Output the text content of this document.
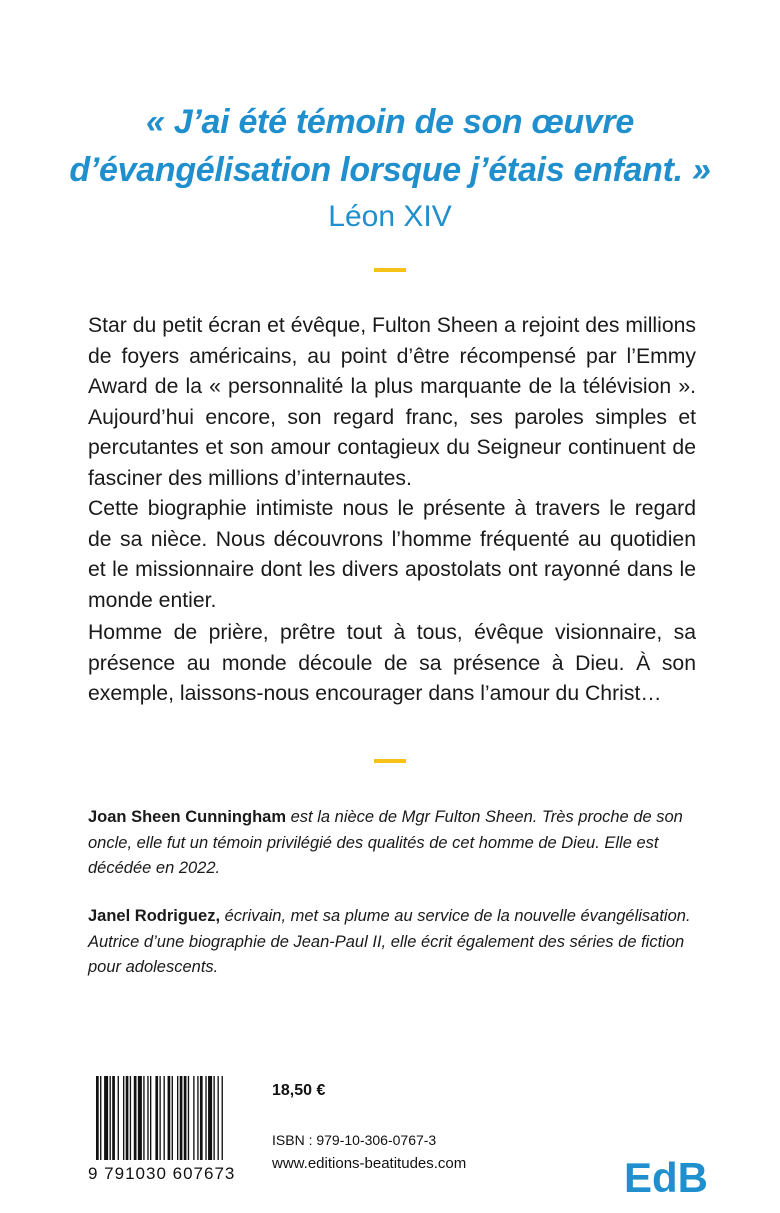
« J’ai été témoin de son œuvre
d’évangélisation lorsque j’étais enfant. »
Léon XIV
Star du petit écran et évêque, Fulton Sheen a rejoint des millions de foyers américains, au point d’être récompensé par l’Emmy Award de la « personnalité la plus marquante de la télévision ». Aujourd’hui encore, son regard franc, ses paroles simples et percutantes et son amour contagieux du Seigneur continuent de fasciner des millions d’internautes.
Cette biographie intimiste nous le présente à travers le regard de sa nièce. Nous découvrons l’homme fréquenté au quotidien et le missionnaire dont les divers apostolats ont rayonné dans le monde entier.
Homme de prière, prêtre tout à tous, évêque visionnaire, sa présence au monde découle de sa présence à Dieu. À son exemple, laissons-nous encourager dans l’amour du Christ…
Joan Sheen Cunningham est la nièce de Mgr Fulton Sheen. Très proche de son oncle, elle fut un témoin privilégié des qualités de cet homme de Dieu. Elle est décédée en 2022.
Janel Rodriguez, écrivain, met sa plume au service de la nouvelle évangélisation. Autrice d’une biographie de Jean-Paul II, elle écrit également des séries de fiction pour adolescents.
9 791030 607673
18,50 €
ISBN : 979-10-306-0767-3
www.editions-beatitudes.com	EdB
